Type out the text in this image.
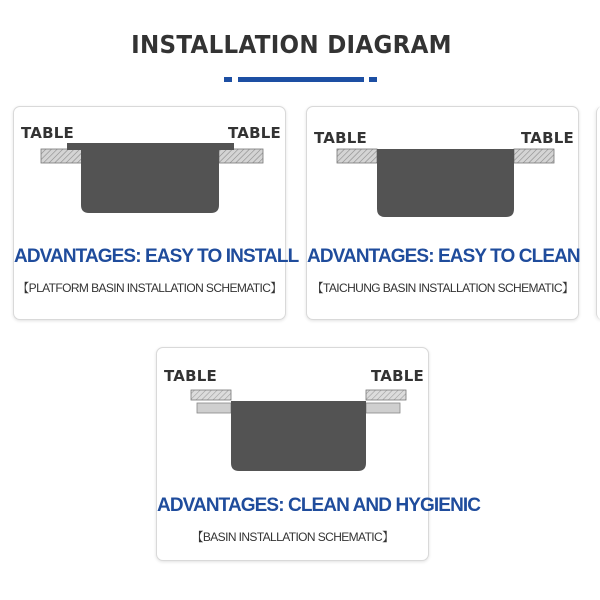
INSTALLATION DIAGRAM
TABLE	TABLE
ADVANTAGES: EASY TO INSTALL
【PLATFORM BASIN INSTALLATION SCHEMATIC】
TABLE	TABLE
ADVANTAGES: EASY TO CLEAN
【TAICHUNG BASIN INSTALLATION SCHEMATIC】
TABLE	TABLE
ADVANTAGES: CLEAN AND HYGIENIC
【BASIN INSTALLATION SCHEMATIC】
